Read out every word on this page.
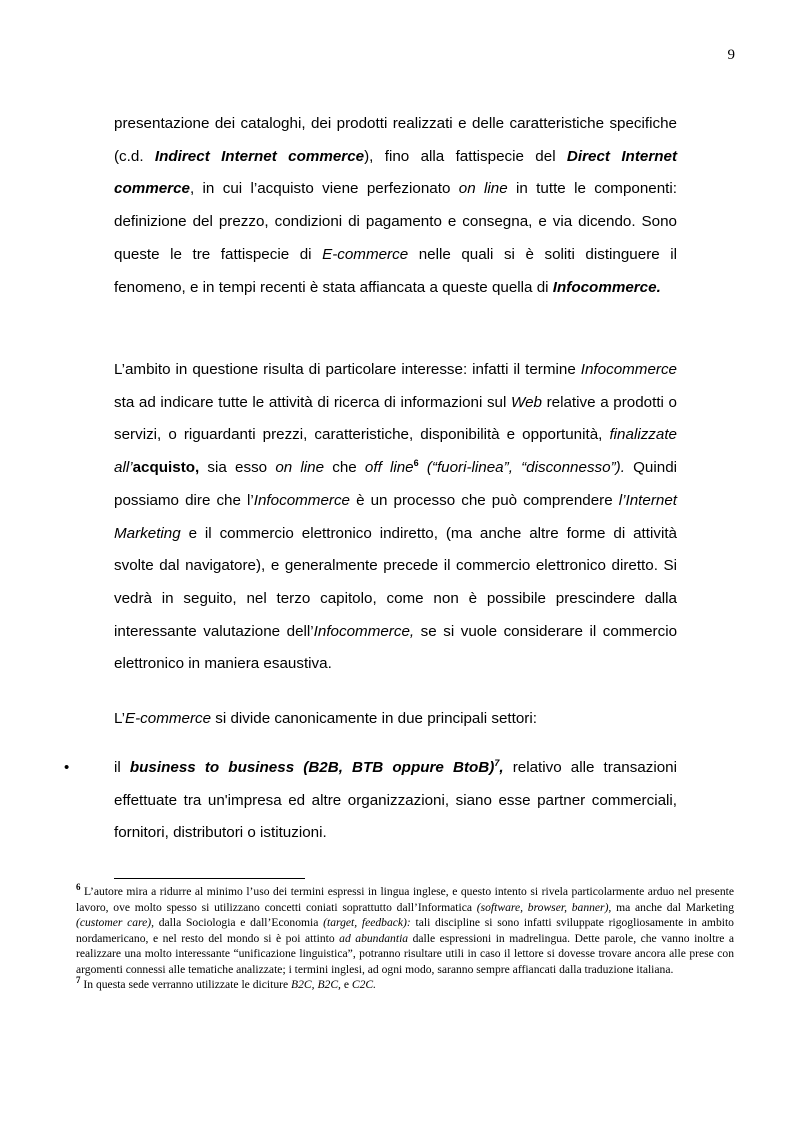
9

presentazione dei cataloghi, dei prodotti realizzati e delle caratteristiche specifiche (c.d. Indirect Internet commerce), fino alla fattispecie del Direct Internet commerce, in cui l’acquisto viene perfezionato on line in tutte le componenti: definizione del prezzo, condizioni di pagamento e consegna, e via dicendo. Sono queste le tre fattispecie di E-commerce nelle quali si è soliti distinguere il fenomeno, e in tempi recenti è stata affiancata a queste quella di Infocommerce.

L’ambito in questione risulta di particolare interesse: infatti il termine Infocommerce sta ad indicare tutte le attività di ricerca di informazioni sul Web relative a prodotti o servizi, o riguardanti prezzi, caratteristiche, disponibilità e opportunità, finalizzate all’acquisto, sia esso on line che off line$^6$ (“fuori-linea”, “disconnesso”). Quindi possiamo dire che l’Infocommerce è un processo che può comprendere l’Internet Marketing e il commercio elettronico indiretto, (ma anche altre forme di attività svolte dal navigatore), e generalmente precede il commercio elettronico diretto. Si vedrà in seguito, nel terzo capitolo, come non è possibile prescindere dalla interessante valutazione dell’Infocommerce, se si vuole considerare il commercio elettronico in maniera esaustiva.

L’E-commerce si divide canonicamente in due principali settori:

•	il business to business (B2B, BTB oppure BtoB)$^7$, relativo alle transazioni effettuate tra un'impresa ed altre organizzazioni, siano esse partner commerciali, fornitori, distributori o istituzioni.

$^6$ L’autore mira a ridurre al minimo l’uso dei termini espressi in lingua inglese, e questo intento si rivela particolarmente arduo nel presente lavoro, ove molto spesso si utilizzano concetti coniati soprattutto dall’Informatica (software, browser, banner), ma anche dal Marketing (customer care), dalla Sociologia e dall’Economia (target, feedback): tali discipline si sono infatti sviluppate rigogliosamente in ambito nordamericano, e nel resto del mondo si è poi attinto ad abundantia dalle espressioni in madrelingua. Dette parole, che vanno inoltre a realizzare una molto interessante “unificazione linguistica”, potranno risultare utili in caso il lettore si dovesse trovare ancora alle prese con argomenti connessi alle tematiche analizzate; i termini inglesi, ad ogni modo, saranno sempre affiancati dalla traduzione italiana.

$^7$ In questa sede verranno utilizzate le diciture B2C, B2C, e C2C.
